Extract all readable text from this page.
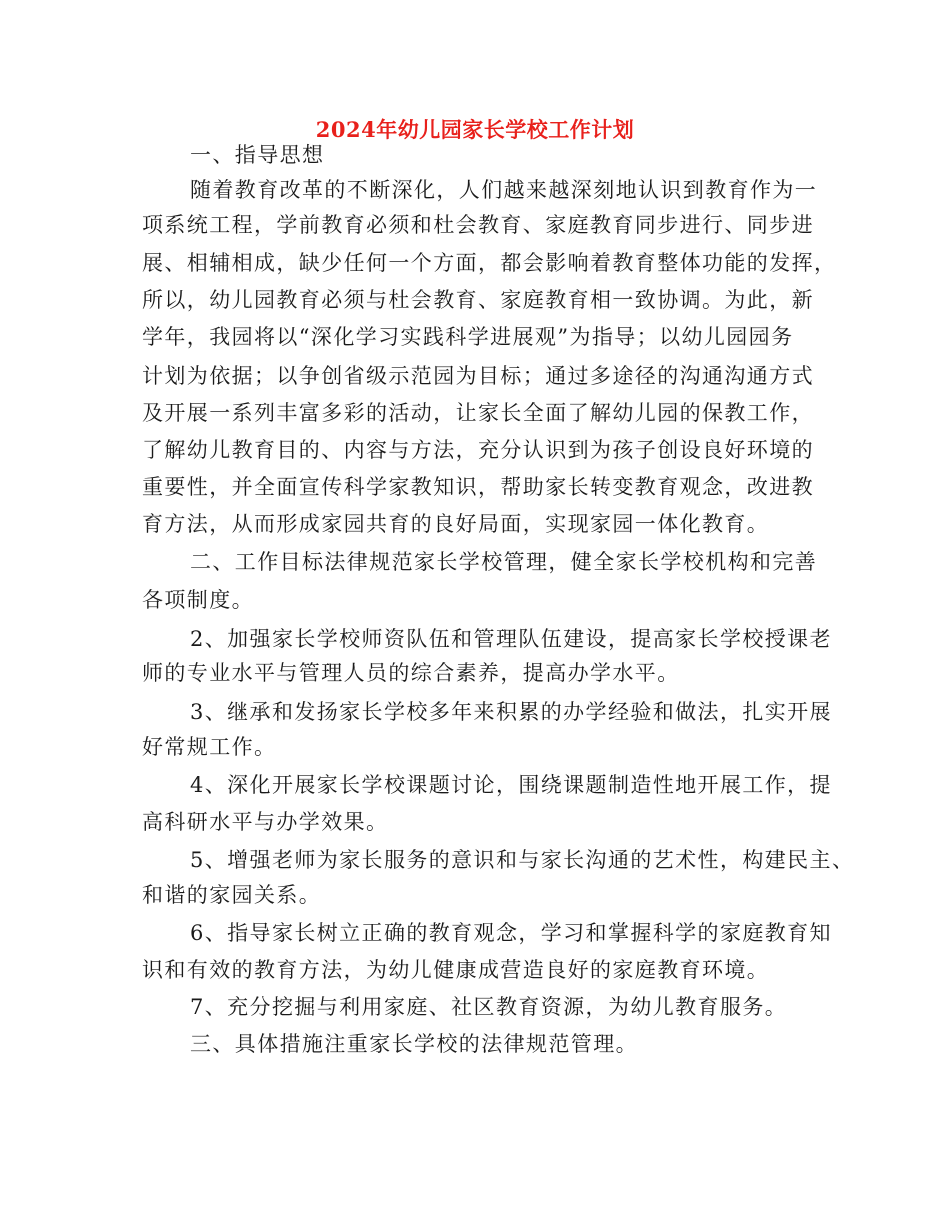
2024年幼儿园家长学校工作计划
一、指导思想
随着教育改革的不断深化，人们越来越深刻地认识到教育作为一
项系统工程，学前教育必须和杜会教育、家庭教育同步进行、同步进
展、相辅相成，缺少任何一个方面，都会影响着教育整体功能的发挥，
所以，幼儿园教育必须与杜会教育、家庭教育相一致协调。为此，新
学年，我园将以“深化学习实践科学进展观”为指导；以幼儿园园务
计划为依据；以争创省级示范园为目标；通过多途径的沟通沟通方式
及开展一系列丰富多彩的活动，让家长全面了解幼儿园的保教工作，
了解幼儿教育目的、内容与方法，充分认识到为孩子创设良好环境的
重要性，并全面宣传科学家教知识，帮助家长转变教育观念，改进教
育方法，从而形成家园共育的良好局面，实现家园一体化教育。
二、工作目标法律规范家长学校管理，健全家长学校机构和完善
各项制度。
2、加强家长学校师资队伍和管理队伍建设，提高家长学校授课老
师的专业水平与管理人员的综合素养，提高办学水平。
3、继承和发扬家长学校多年来积累的办学经验和做法，扎实开展
好常规工作。
4、深化开展家长学校课题讨论，围绕课题制造性地开展工作，提
高科研水平与办学效果。
5、增强老师为家长服务的意识和与家长沟通的艺术性，构建民主、
和谐的家园关系。
6、指导家长树立正确的教育观念，学习和掌握科学的家庭教育知
识和有效的教育方法，为幼儿健康成营造良好的家庭教育环境。
7、充分挖掘与利用家庭、社区教育资源，为幼儿教育服务。
三、具体措施注重家长学校的法律规范管理。
